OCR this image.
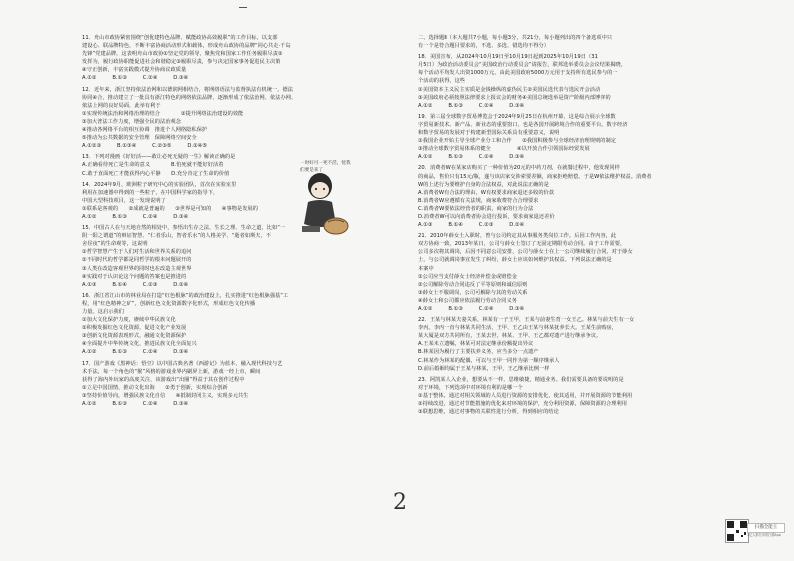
11．舟山市政协紧密围绕“创优建特色品牌、赋能政协高效履职”的工作目标，以支部
建设心、联品牌特色，不断丰富协商活动形式和载体，形成舟山政协的品牌“同心共走·千岛
先锋”党建品牌，这表明舟山市政协①坚定党的领导，聚焦党和国家工作任务履职尽责②
发挥为，履行政协职能促进社会和谐稳定③履职尽责，参与决定国家事务促进民主决策
④守正创新，丰富实践模式提升协商议政质量
A.①②　　　B.①③　　　C.②④　　　D.③④
12．近年来，浙江坚持依法治网和以德润网相结合，将网络语法与监督执法有机统一，德法
协同④合，推动建立了一批具有浙江特色的网络依法品牌，逐渐形成了依法治网、依法办网、
依法上网的良好局面，此举有利于
①实现传统法治和网络治理的结合　　　　②提升网络法治建设的效能
③加大普法工作力度，增强全民的法治观念
④推动各网络平台的相互协调　推进个人网络隐私保护
⑤推动为公共数据的安全管理　保障网络空间安全
A.①②③　　　B.①③④　　　C.②③⑤　　　D.②④⑤
13．下列对漫画《好好活——敢让必死无疑的一生》解读正确的是
A.正确看待死亡是生命的意义　　　　B.怕死就不能好好活着
C.敢于直面死亡才能获得内心平静　　D.充分肯定了生命的价值
14．2024年9月，欧洲粒子研究中心的实验团队，首次在实验室里
利用在加速器中得到的一些粒子，在中国科学家的指导下，
中国大型科技项目，这一发现说明了
①联系是客观的　　②成就是普遍的　　③世界是可知的　　④事物是发展的
A.①②　　　B.①③　　　C.②④　　　D.③④
15．中国古人在与天地自然的相处中，参悟出生存之法、生长之理、生命之道，比如“一
阴一阳之谓道”的辩证智慧、“仁者乐山，智者乐水”的人格美学、“逝者如斯夫，不
舍昼夜”的生命观等，这说明
①哲学智慧产生于人们对生活和世界关系的追问
②不同时代的哲学都是同哲学的根本问题展开的
③人类在改造客观世界的同时也在改造主观世界
④实践对于认识论这个问题的答案也是推进的
A.①③　　　B.①④　　　C.②③　　　D.②④
16．浙江省江山市的林业局在打造“红色根脉”的政治建设上，扎实推进“红色根脉强基”工
程，用“红色精神之矿”，创新红色文化资源数字化形式，形成红色文化传播
力量。这启示我们
①加大文化保护力度，赓续中华民族文化
②积极发掘红色文化资源，促进文化产业发展
③创新文化资源表现形式，融通文化资源保护
④全面提升中华传统文化，推进民族文化全面复兴
A.①②　　　B.①③　　　C.②④　　　D.③④
17．国产游戏《黑神话：悟空》以中国古典名著《西游记》为蓝本，融入现代科技与艺
术手法，每一个角色的“猴”风格的游戏业界内刷屏上新，游戏一经上市，瞬间
获得了海内外玩家的高度关注，该游戏出“出圈”得益于其在创作过程中
①立足中国国情，推动文化出海　　②勇于创新，实现综合创新
③坚持价值导向，增强民族文化自信　　④抵制封闭主义，实现多元共生
A.①②　　　B.①③　　　C.②④　　　D.③④
二、选择题Ⅱ（本大题共7小题，每小题3分，共21分，每小题列出的四个备选项中只
有一个是符合题目要求的，不选、多选、错选均不得分）
18．美国宣布，从2024年10月19日至10月19日起到2025年10月19日（31
月5日）为政治活动委员会“美国政治行动委员会”请报告，联邦选举委员会会议结果揭晓，
每个活动平均发人出资1000万元，由此美国政府5000万元用于支持所有选民参与的一
个活动的获得，这些
①美国资本主义民主实质是金钱操纵的虚伪民主②美国民选代表与选民开会活动
③美国政府必须按照法律要求上报议会的财务④美国总统选举是资产阶级内部博弈的
A.①②　　　B.①③　　　C.②④　　　D.③④
19．第三届全球数字贸易博览会于2024年9月25日在杭州开幕，这是综合展示全球数
字贸易新技术、新产品、新业态的重要窗口，也是各国开展跨境合作的重要平台。数字经济
和数字贸易的发展对于构建新型国际关系具有重要意义，说明
①我国企业开始主导全球产业分工和合作　　②我国积极参与全球经济治理规则的制定
③推动全球数字贸易体系的健全　　　　　④以开放合作引领国际经贸发展
A.①②　　　B.①③　　　C.②④　　　D.③④
20．消费者W在某家店购买了一种价值为20元的中药刀剂，在就餐过程中，他发现同样
的商品，售价只有15元/瓶，遂与该店家交涉索要差额，商家拒绝赔偿。于是W依法维护权益。消费者
W的上述行为要维护自身的合法权益，对此说法正确的是
A.消费者W有合法的理由，W有权要求商家退还多收的价款
B.消费者W应遵循有关法规，商家收费符合合理要求
C.消费者W要依法经营者的职责，商家的行为合法
D.消费者W可以向消费者协会进行投诉，要求商家退还差价
A.①③　　　B.①④　　　C.②③　　　D.②④
21．2010年薛女士入职时，曾与公司约定其从事服务类岗位工作。后因工作内容，此
双方协商一致，2013年某日，公司与薛女士签订了无固定期限劳动合同。由于工作需要，
公司多次将其调岗，后因不同意公司安排，公司与薛女士在上一公司继续履行合同，对于薛女
士，与公司就调岗事宜发生了纠纷，薛女士应该如何维护其权益。下列说法正确的是
本案中
①公司应当支付薛女士经济补偿金或赔偿金
②公司解除劳动合同违反了平等原则和诚信原则
③薛女士不服调岗，公司可解除与其的劳动关系
④薛女士和公司都应依法履行劳动合同义务
A.①②　　　B.①③　　　C.②④　　　D.③④
22．王某与林某夫妻关系，林某有一子王甲，王某与前妻生育一女王乙。林某与前夫生有一女
李丙。李丙一直与林某共同生活，王甲、王乙由王某与林某抚养长大。王某生前购房，
某大厦是双方共同所有，王某去世，林某、王甲、王乙都对遗产进行继承争议。
A.王某未立遗嘱，林某可对法定继承份额提出异议
B.林某因为履行了主要扶养义务，应当多分一点遗产
C.林某作为林某的配偶，可以与王甲一同作为第一顺序继承人
D.前后婚姻均属于王某与林某，王甲，王乙继承比例一样
23．阿凯某人入企业，想要从不一样，思维敏捷，精通业务。我们需要具备的要说明的是
对于环境，下列选项中对环境有利的是哪一个
①基于整体，通过对相关领域的人员进行资源的安排优化，使其适用，并开展资源的节能利用
②持续改进，通过对节能措施的优化来对环境的保护，充分利用资源，保障资源的合理利用
③联想思维，通过对事物的关联性进行分析，得到相应的结论
一时好可一死不活，忧我们要是来了
2
扫描全能王
3亿人都在用的扫描App
